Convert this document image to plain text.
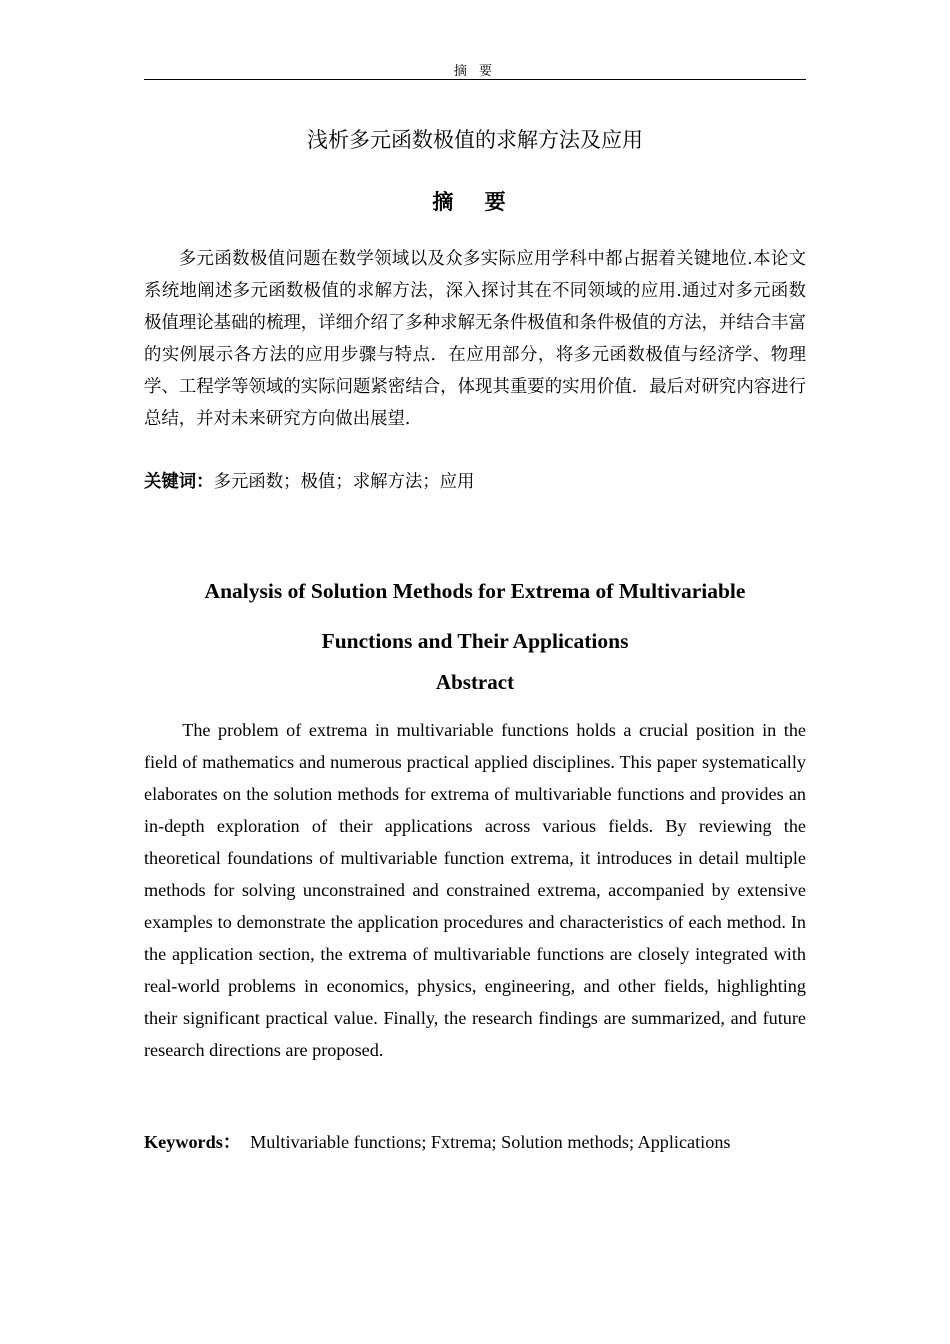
摘 要
浅析多元函数极值的求解方法及应用
摘 要

多元函数极值问题在数学领域以及众多实际应用学科中都占据着关键地位.本论文系统地阐述多元函数极值的求解方法，深入探讨其在不同领域的应用.通过对多元函数极值理论基础的梳理，详细介绍了多种求解无条件极值和条件极值的方法，并结合丰富的实例展示各方法的应用步骤与特点．在应用部分，将多元函数极值与经济学、物理学、工程学等领域的实际问题紧密结合，体现其重要的实用价值．最后对研究内容进行总结，并对未来研究方向做出展望.

关键词：多元函数；极值；求解方法；应用
Analysis of Solution Methods for Extrema of Multivariable
Functions and Their Applications
Abstract

The problem of extrema in multivariable functions holds a crucial position in the field of mathematics and numerous practical applied disciplines. This paper systematically elaborates on the solution methods for extrema of multivariable functions and provides an in-depth exploration of their applications across various fields. By reviewing the theoretical foundations of multivariable function extrema, it introduces in detail multiple methods for solving unconstrained and constrained extrema, accompanied by extensive examples to demonstrate the application procedures and characteristics of each method. In the application section, the extrema of multivariable functions are closely integrated with real-world problems in economics, physics, engineering, and other fields, highlighting their significant practical value. Finally, the research findings are summarized, and future research directions are proposed.

Keywords： Multivariable functions; Fxtrema; Solution methods; Applications
